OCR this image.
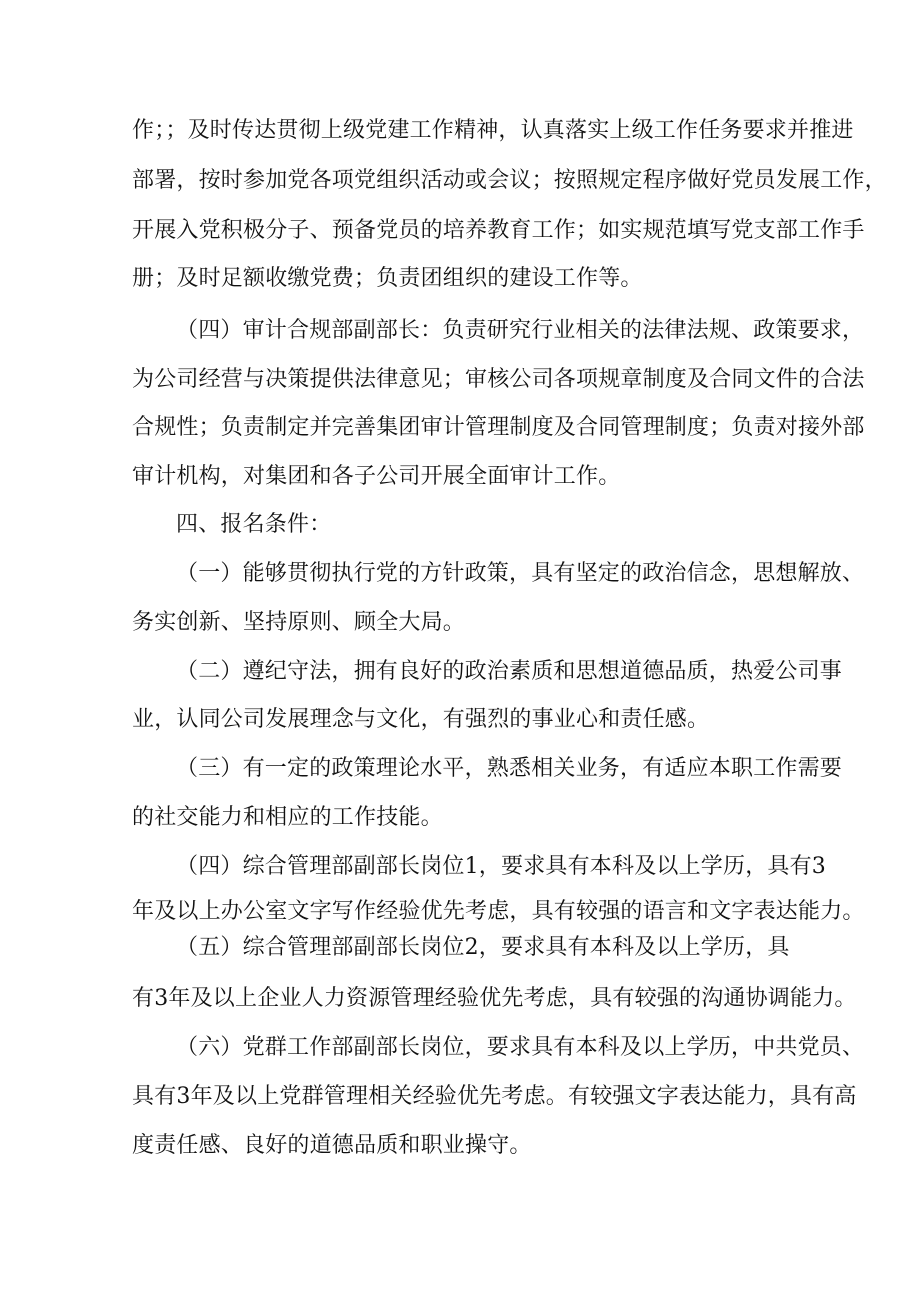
作；；及时传达贯彻上级党建工作精神，认真落实上级工作任务要求并推进
部署，按时参加党各项党组织活动或会议；按照规定程序做好党员发展工作，
开展入党积极分子、预备党员的培养教育工作；如实规范填写党支部工作手
册；及时足额收缴党费；负责团组织的建设工作等。
（四）审计合规部副部长：负责研究行业相关的法律法规、政策要求，
为公司经营与决策提供法律意见；审核公司各项规章制度及合同文件的合法
合规性；负责制定并完善集团审计管理制度及合同管理制度；负责对接外部
审计机构，对集团和各子公司开展全面审计工作。
四、报名条件：
（一）能够贯彻执行党的方针政策，具有坚定的政治信念，思想解放、
务实创新、坚持原则、顾全大局。
（二）遵纪守法，拥有良好的政治素质和思想道德品质，热爱公司事
业，认同公司发展理念与文化，有强烈的事业心和责任感。
（三）有一定的政策理论水平，熟悉相关业务，有适应本职工作需要
的社交能力和相应的工作技能。
（四）综合管理部副部长岗位1，要求具有本科及以上学历，具有3
年及以上办公室文字写作经验优先考虑，具有较强的语言和文字表达能力。
（五）综合管理部副部长岗位2，要求具有本科及以上学历，具
有3年及以上企业人力资源管理经验优先考虑，具有较强的沟通协调能力。
（六）党群工作部副部长岗位，要求具有本科及以上学历，中共党员、
具有3年及以上党群管理相关经验优先考虑。有较强文字表达能力，具有高
度责任感、良好的道德品质和职业操守。
